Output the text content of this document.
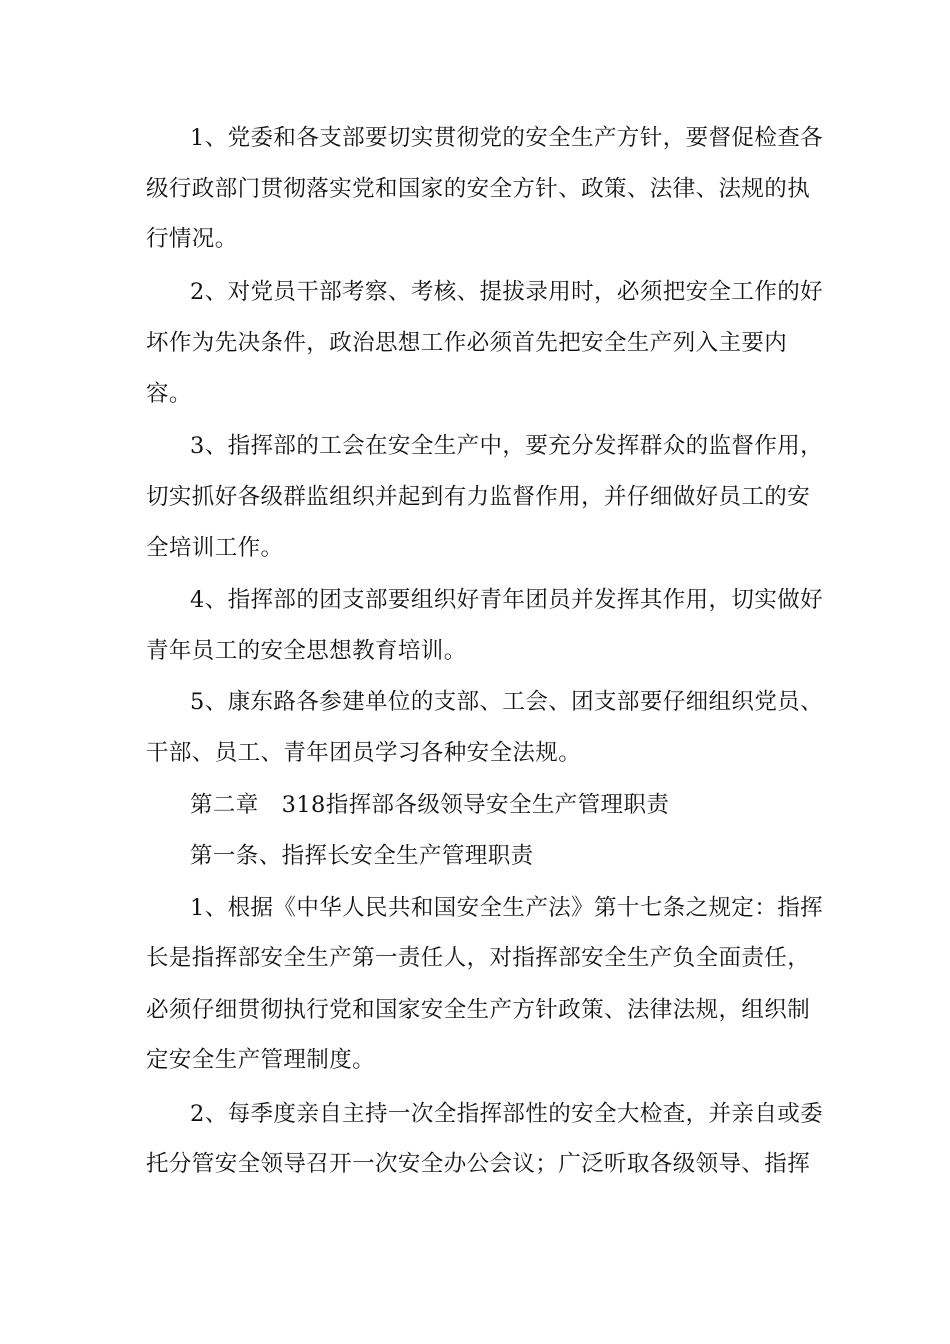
1、党委和各支部要切实贯彻党的安全生产方针，要督促检查各
级行政部门贯彻落实党和国家的安全方针、政策、法律、法规的执
行情况。
2、对党员干部考察、考核、提拔录用时，必须把安全工作的好
坏作为先决条件，政治思想工作必须首先把安全生产列入主要内
容。
3、指挥部的工会在安全生产中，要充分发挥群众的监督作用，
切实抓好各级群监组织并起到有力监督作用，并仔细做好员工的安
全培训工作。
4、指挥部的团支部要组织好青年团员并发挥其作用，切实做好
青年员工的安全思想教育培训。
5、康东路各参建单位的支部、工会、团支部要仔细组织党员、
干部、员工、青年团员学习各种安全法规。
第二章　318指挥部各级领导安全生产管理职责
第一条、指挥长安全生产管理职责
1、根据《中华人民共和国安全生产法》第十七条之规定：指挥
长是指挥部安全生产第一责任人，对指挥部安全生产负全面责任，
必须仔细贯彻执行党和国家安全生产方针政策、法律法规，组织制
定安全生产管理制度。
2、每季度亲自主持一次全指挥部性的安全大检查，并亲自或委
托分管安全领导召开一次安全办公会议；广泛听取各级领导、指挥
